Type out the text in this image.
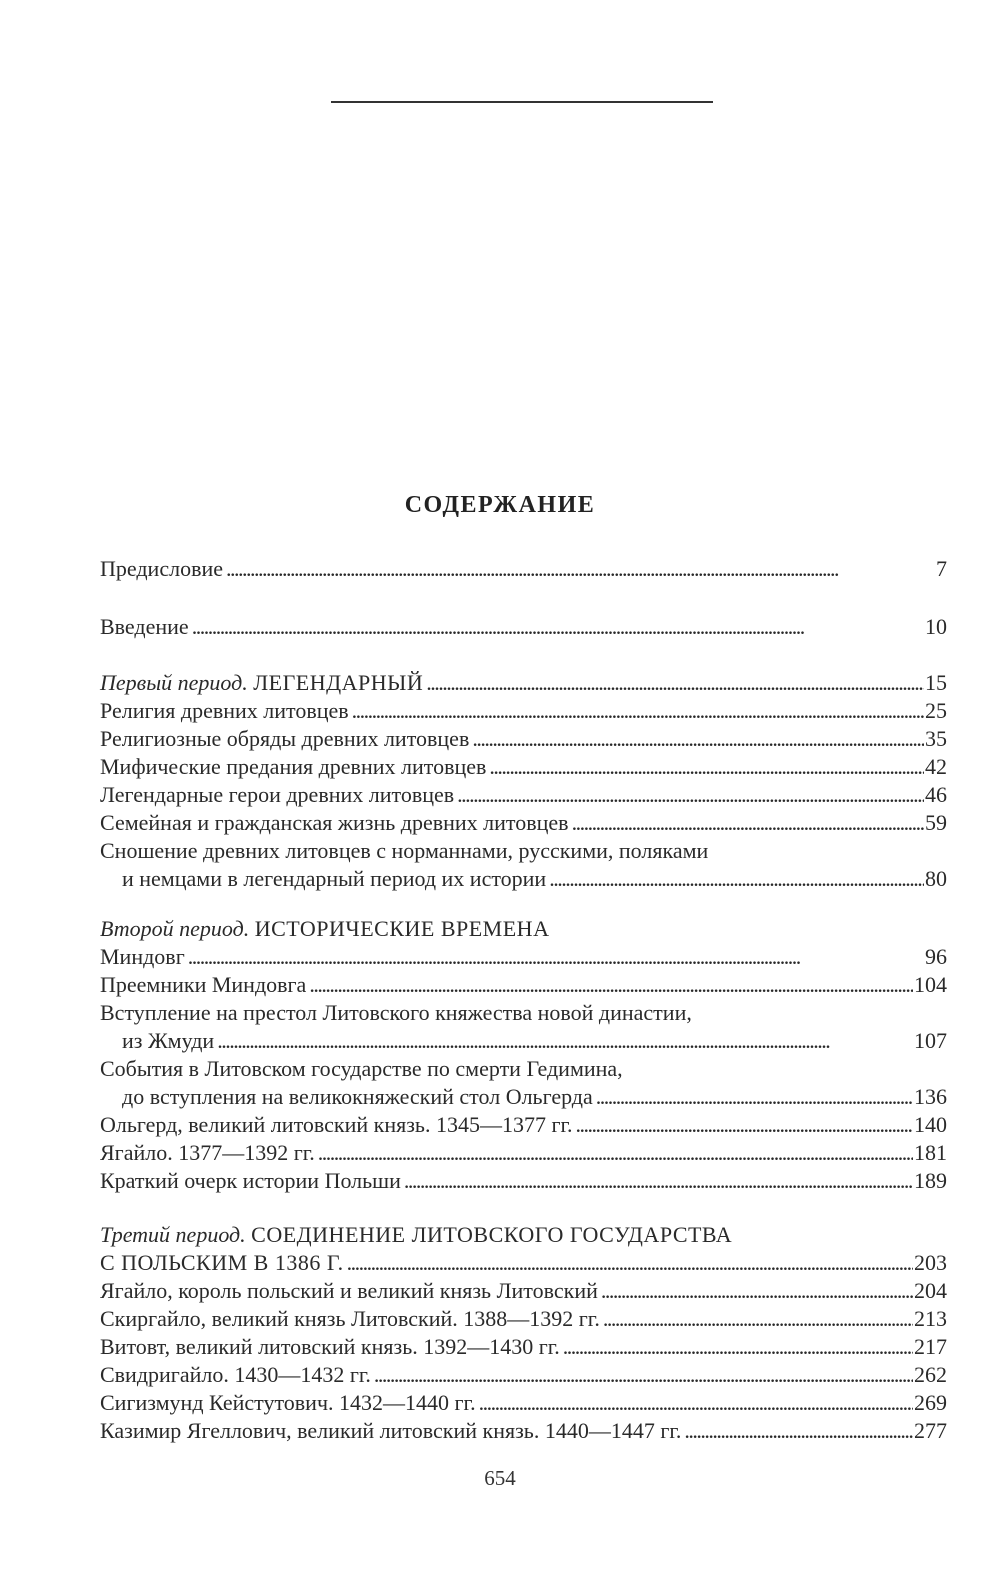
СОДЕРЖАНИЕ
Предисловие . . .	7
Введение . . .	10
Первый период. ЛЕГЕНДАРНЫЙ . . .	15
Религия древних литовцев . . .	25
Религиозные обряды древних литовцев . . .	35
Мифические предания древних литовцев . . .	42
Легендарные герои древних литовцев . . .	46
Семейная и гражданская жизнь древних литовцев . . .	59
Сношение древних литовцев с норманнами, русскими, поляками
и немцами в легендарный период их истории . . .	80
Второй период. ИСТОРИЧЕСКИЕ ВРЕМЕНА
Миндовг . . .	96
Преемники Миндовга . . .	104
Вступление на престол Литовского княжества новой династии,
из Жмуди . . .	107
События в Литовском государстве по смерти Гедимина,
до вступления на великокняжеский стол Ольгерда . . .	136
Ольгерд, великий литовский князь. 1345—1377 гг. . . .	140
Ягайло. 1377—1392 гг. . . .	181
Краткий очерк истории Польши . . .	189
Третий период. СОЕДИНЕНИЕ ЛИТОВСКОГО ГОСУДАРСТВА
С ПОЛЬСКИМ В 1386 Г. . . .	203
Ягайло, король польский и великий князь Литовский . . .	204
Скиргайло, великий князь Литовский. 1388—1392 гг. . . .	213
Витовт, великий литовский князь. 1392—1430 гг. . . .	217
Свидригайло. 1430—1432 гг. . . .	262
Сигизмунд Кейстутович. 1432—1440 гг. . . .	269
Казимир Ягеллович, великий литовский князь. 1440—1447 гг. . . .	277
654
